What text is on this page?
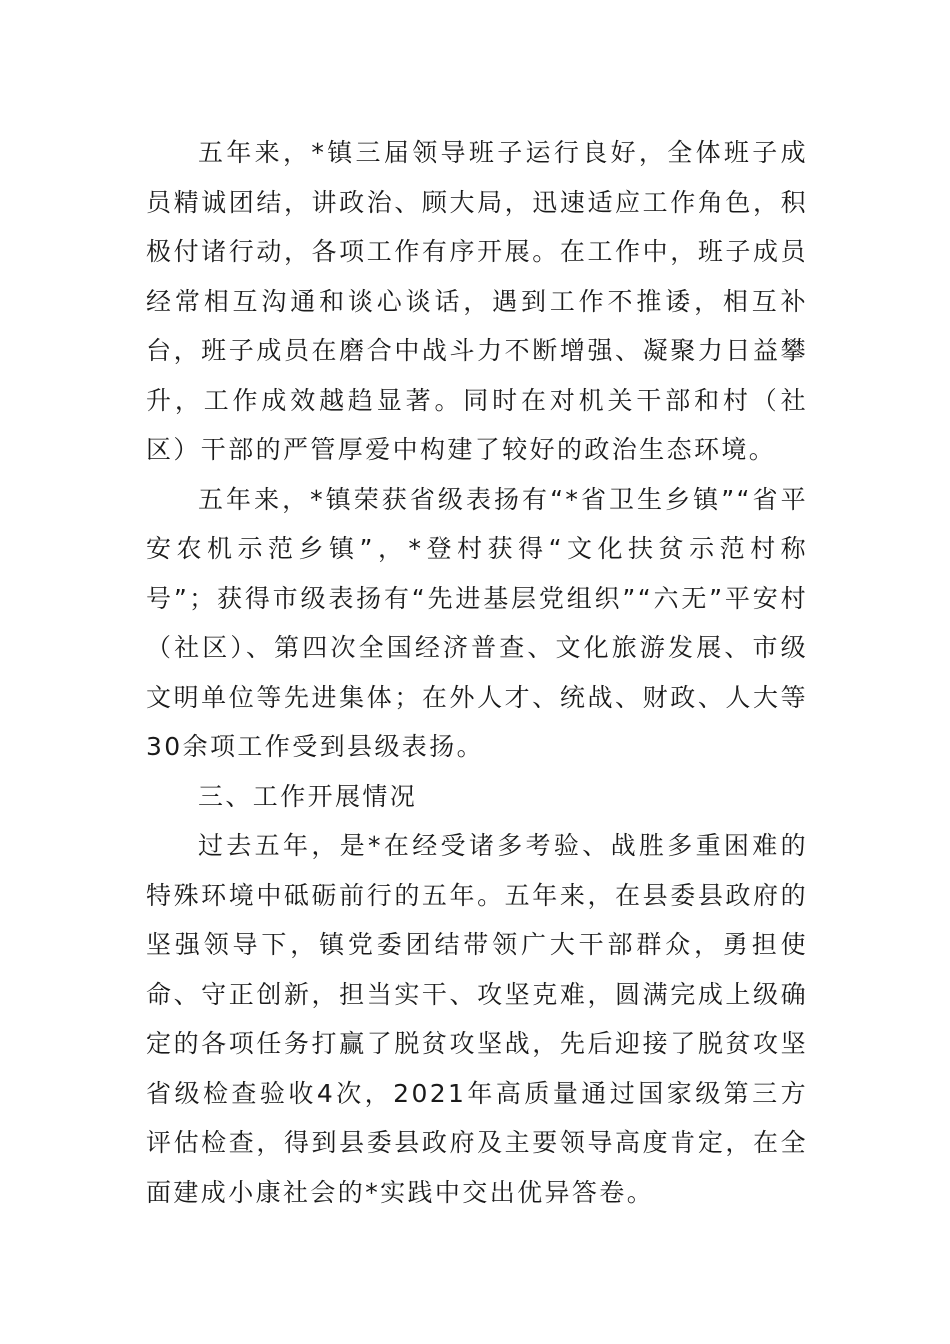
五年来，*镇三届领导班子运行良好，全体班子成员精诚团结，讲政治、顾大局，迅速适应工作角色，积极付诸行动，各项工作有序开展。在工作中，班子成员经常相互沟通和谈心谈话，遇到工作不推诿，相互补台，班子成员在磨合中战斗力不断增强、凝聚力日益攀升，工作成效越趋显著。同时在对机关干部和村（社区）干部的严管厚爱中构建了较好的政治生态环境。

五年来，*镇荣获省级表扬有“*省卫生乡镇”“省平安农机示范乡镇”，*登村获得“文化扶贫示范村称号”；获得市级表扬有“先进基层党组织”“六无”平安村（社区）、第四次全国经济普查、文化旅游发展、市级文明单位等先进集体；在外人才、统战、财政、人大等30余项工作受到县级表扬。

三、工作开展情况

过去五年，是*在经受诸多考验、战胜多重困难的特殊环境中砥砺前行的五年。五年来，在县委县政府的坚强领导下，镇党委团结带领广大干部群众，勇担使命、守正创新，担当实干、攻坚克难，圆满完成上级确定的各项任务打赢了脱贫攻坚战，先后迎接了脱贫攻坚省级检查验收4次，2021年高质量通过国家级第三方评估检查，得到县委县政府及主要领导高度肯定，在全面建成小康社会的*实践中交出优异答卷。
